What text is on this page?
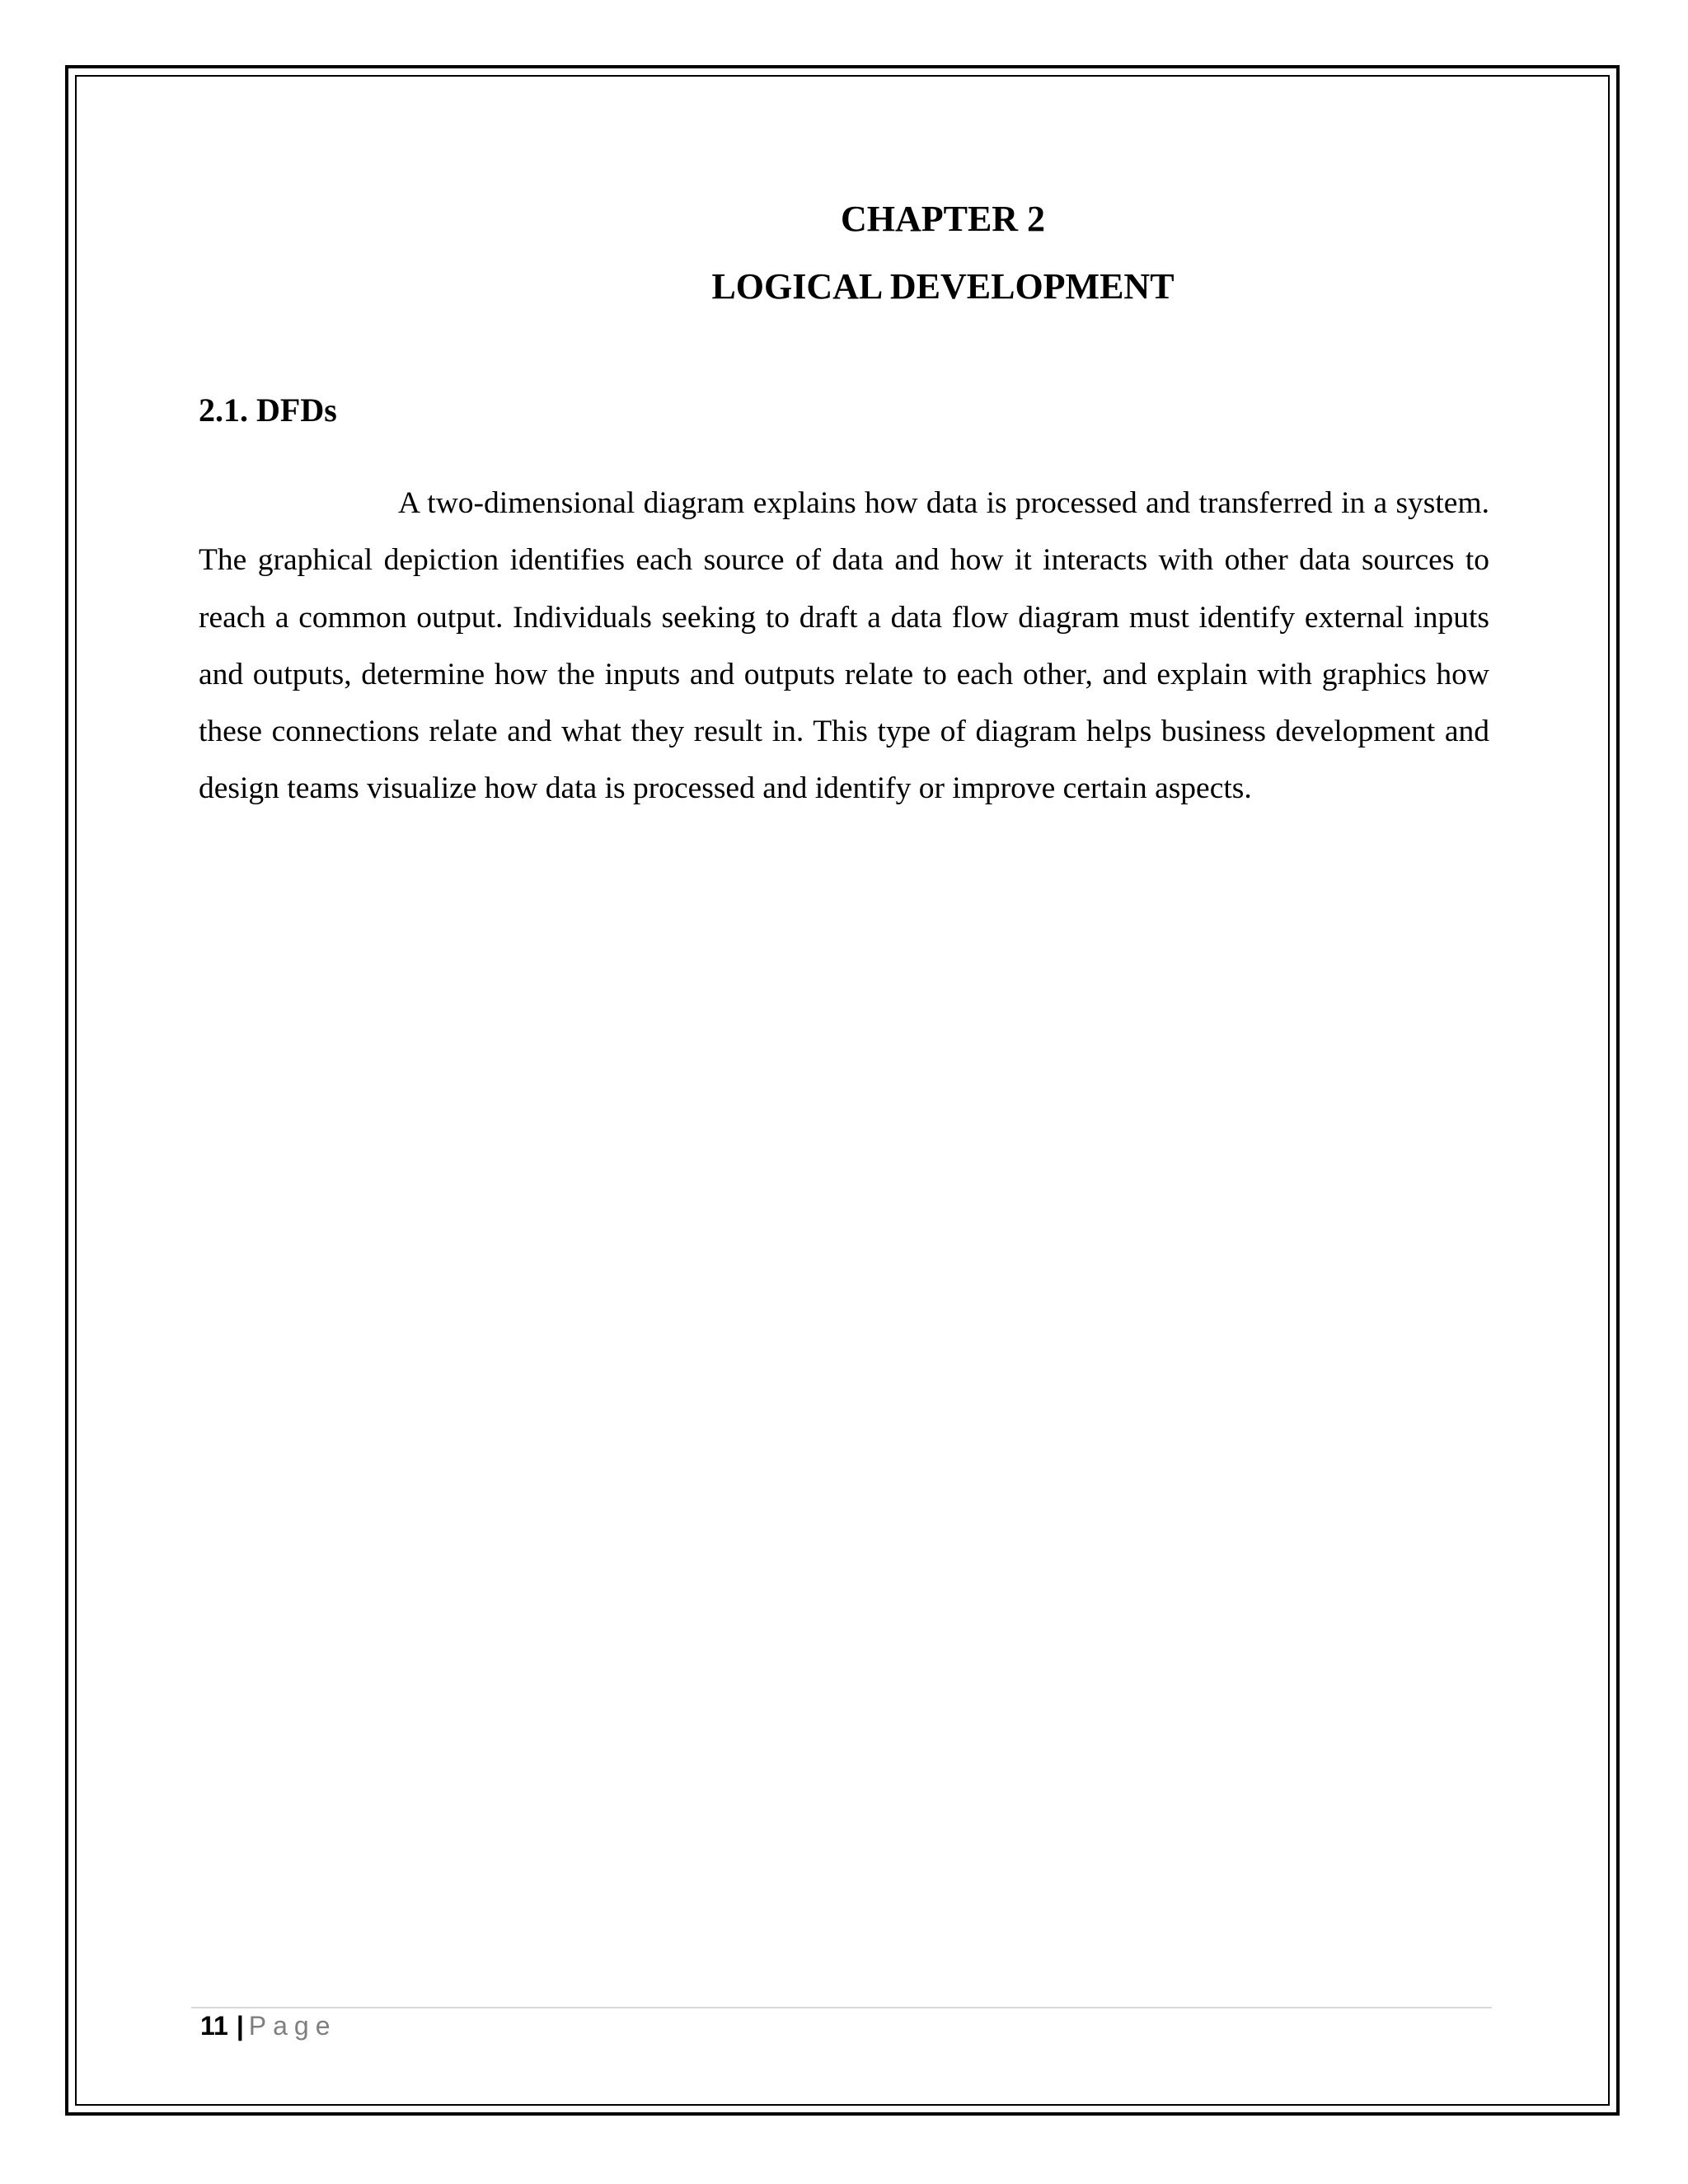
CHAPTER 2
LOGICAL DEVELOPMENT
2.1. DFDs

A two-dimensional diagram explains how data is processed and transferred in a system. The graphical depiction identifies each source of data and how it interacts with other data sources to reach a common output. Individuals seeking to draft a data flow diagram must identify external inputs and outputs, determine how the inputs and outputs relate to each other, and explain with graphics how these connections relate and what they result in. This type of diagram helps business development and design teams visualize how data is processed and identify or improve certain aspects.

11 | Page
